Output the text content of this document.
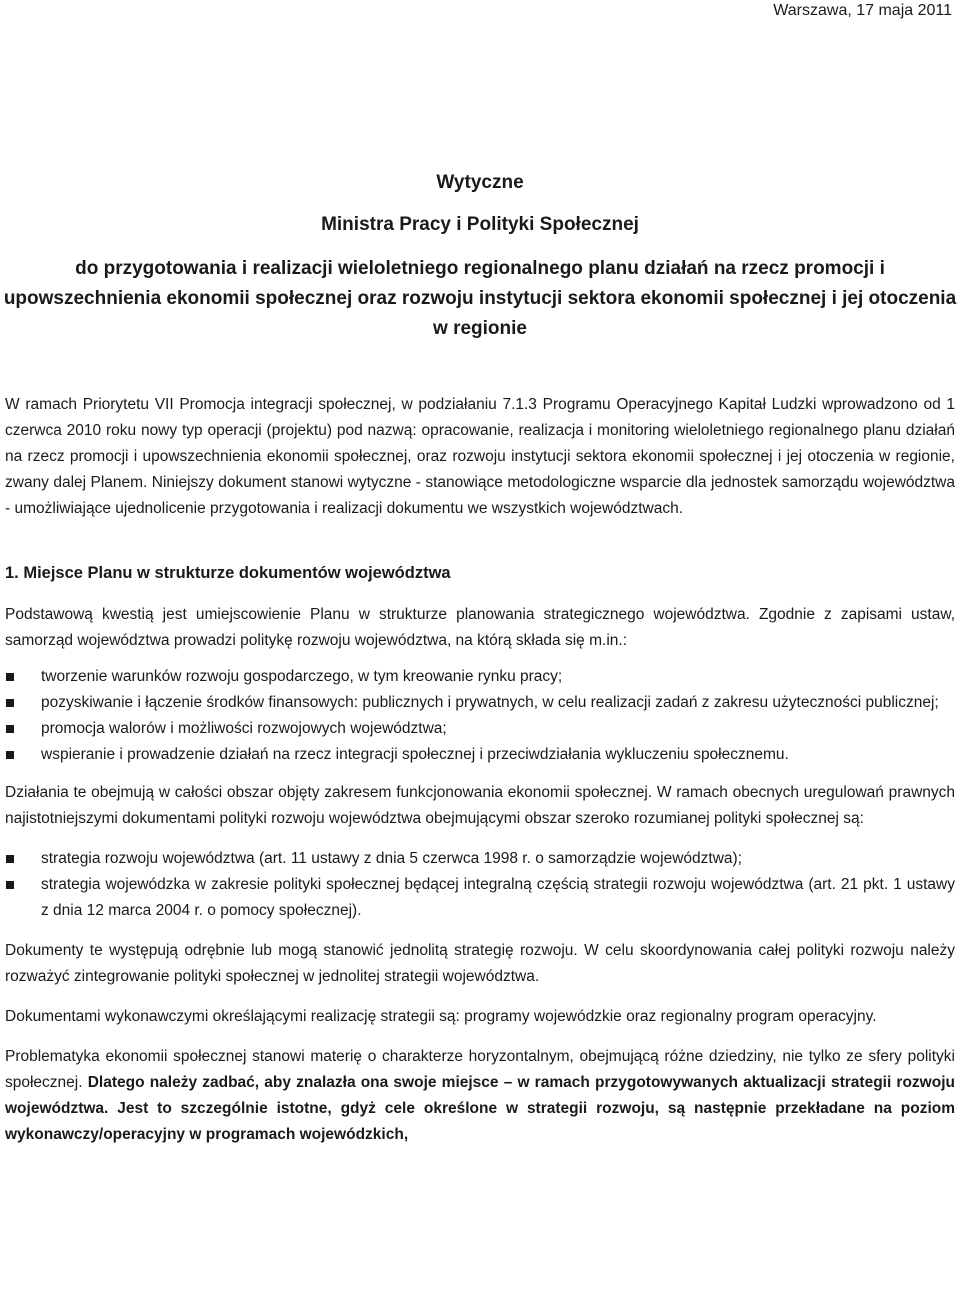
Warszawa, 17 maja 2011
Wytyczne
Ministra Pracy i Polityki Społecznej
do przygotowania i realizacji wieloletniego regionalnego planu działań na rzecz promocji i upowszechnienia ekonomii społecznej oraz rozwoju instytucji sektora ekonomii społecznej i jej otoczenia w regionie

W ramach Priorytetu VII Promocja integracji społecznej, w podziałaniu 7.1.3 Programu Operacyjnego Kapitał Ludzki wprowadzono od 1 czerwca 2010 roku nowy typ operacji (projektu) pod nazwą: opracowanie, realizacja i monitoring wieloletniego regionalnego planu działań na rzecz promocji i upowszechnienia ekonomii społecznej, oraz rozwoju instytucji sektora ekonomii społecznej i jej otoczenia w regionie, zwany dalej Planem. Niniejszy dokument stanowi wytyczne - stanowiące metodologiczne wsparcie dla jednostek samorządu województwa - umożliwiające ujednolicenie przygotowania i realizacji dokumentu we wszystkich województwach.

1. Miejsce Planu w strukturze dokumentów województwa

Podstawową kwestią jest umiejscowienie Planu w strukturze planowania strategicznego województwa. Zgodnie z zapisami ustaw, samorząd województwa prowadzi politykę rozwoju województwa, na którą składa się m.in.:

tworzenie warunków rozwoju gospodarczego, w tym kreowanie rynku pracy;
pozyskiwanie i łączenie środków finansowych: publicznych i prywatnych, w celu realizacji zadań z zakresu użyteczności publicznej;
promocja walorów i możliwości rozwojowych województwa;
wspieranie i prowadzenie działań na rzecz integracji społecznej i przeciwdziałania wykluczeniu społecznemu.

Działania te obejmują w całości obszar objęty zakresem funkcjonowania ekonomii społecznej. W ramach obecnych uregulowań prawnych najistotniejszymi dokumentami polityki rozwoju województwa obejmującymi obszar szeroko rozumianej polityki społecznej są:

strategia rozwoju województwa (art. 11 ustawy z dnia 5 czerwca 1998 r. o samorządzie województwa);
strategia wojewódzka w zakresie polityki społecznej będącej integralną częścią strategii rozwoju województwa (art. 21 pkt. 1 ustawy z dnia 12 marca 2004 r. o pomocy społecznej).

Dokumenty te występują odrębnie lub mogą stanowić jednolitą strategię rozwoju. W celu skoordynowania całej polityki rozwoju należy rozważyć zintegrowanie polityki społecznej w jednolitej strategii województwa.

Dokumentami wykonawczymi określającymi realizację strategii są: programy wojewódzkie oraz regionalny program operacyjny.

Problematyka ekonomii społecznej stanowi materię o charakterze horyzontalnym, obejmującą różne dziedziny, nie tylko ze sfery polityki społecznej. Dlatego należy zadbać, aby znalazła ona swoje miejsce – w ramach przygotowywanych aktualizacji strategii rozwoju województwa. Jest to szczególnie istotne, gdyż cele określone w strategii rozwoju, są następnie przekładane na poziom wykonawczy/operacyjny w programach wojewódzkich,
